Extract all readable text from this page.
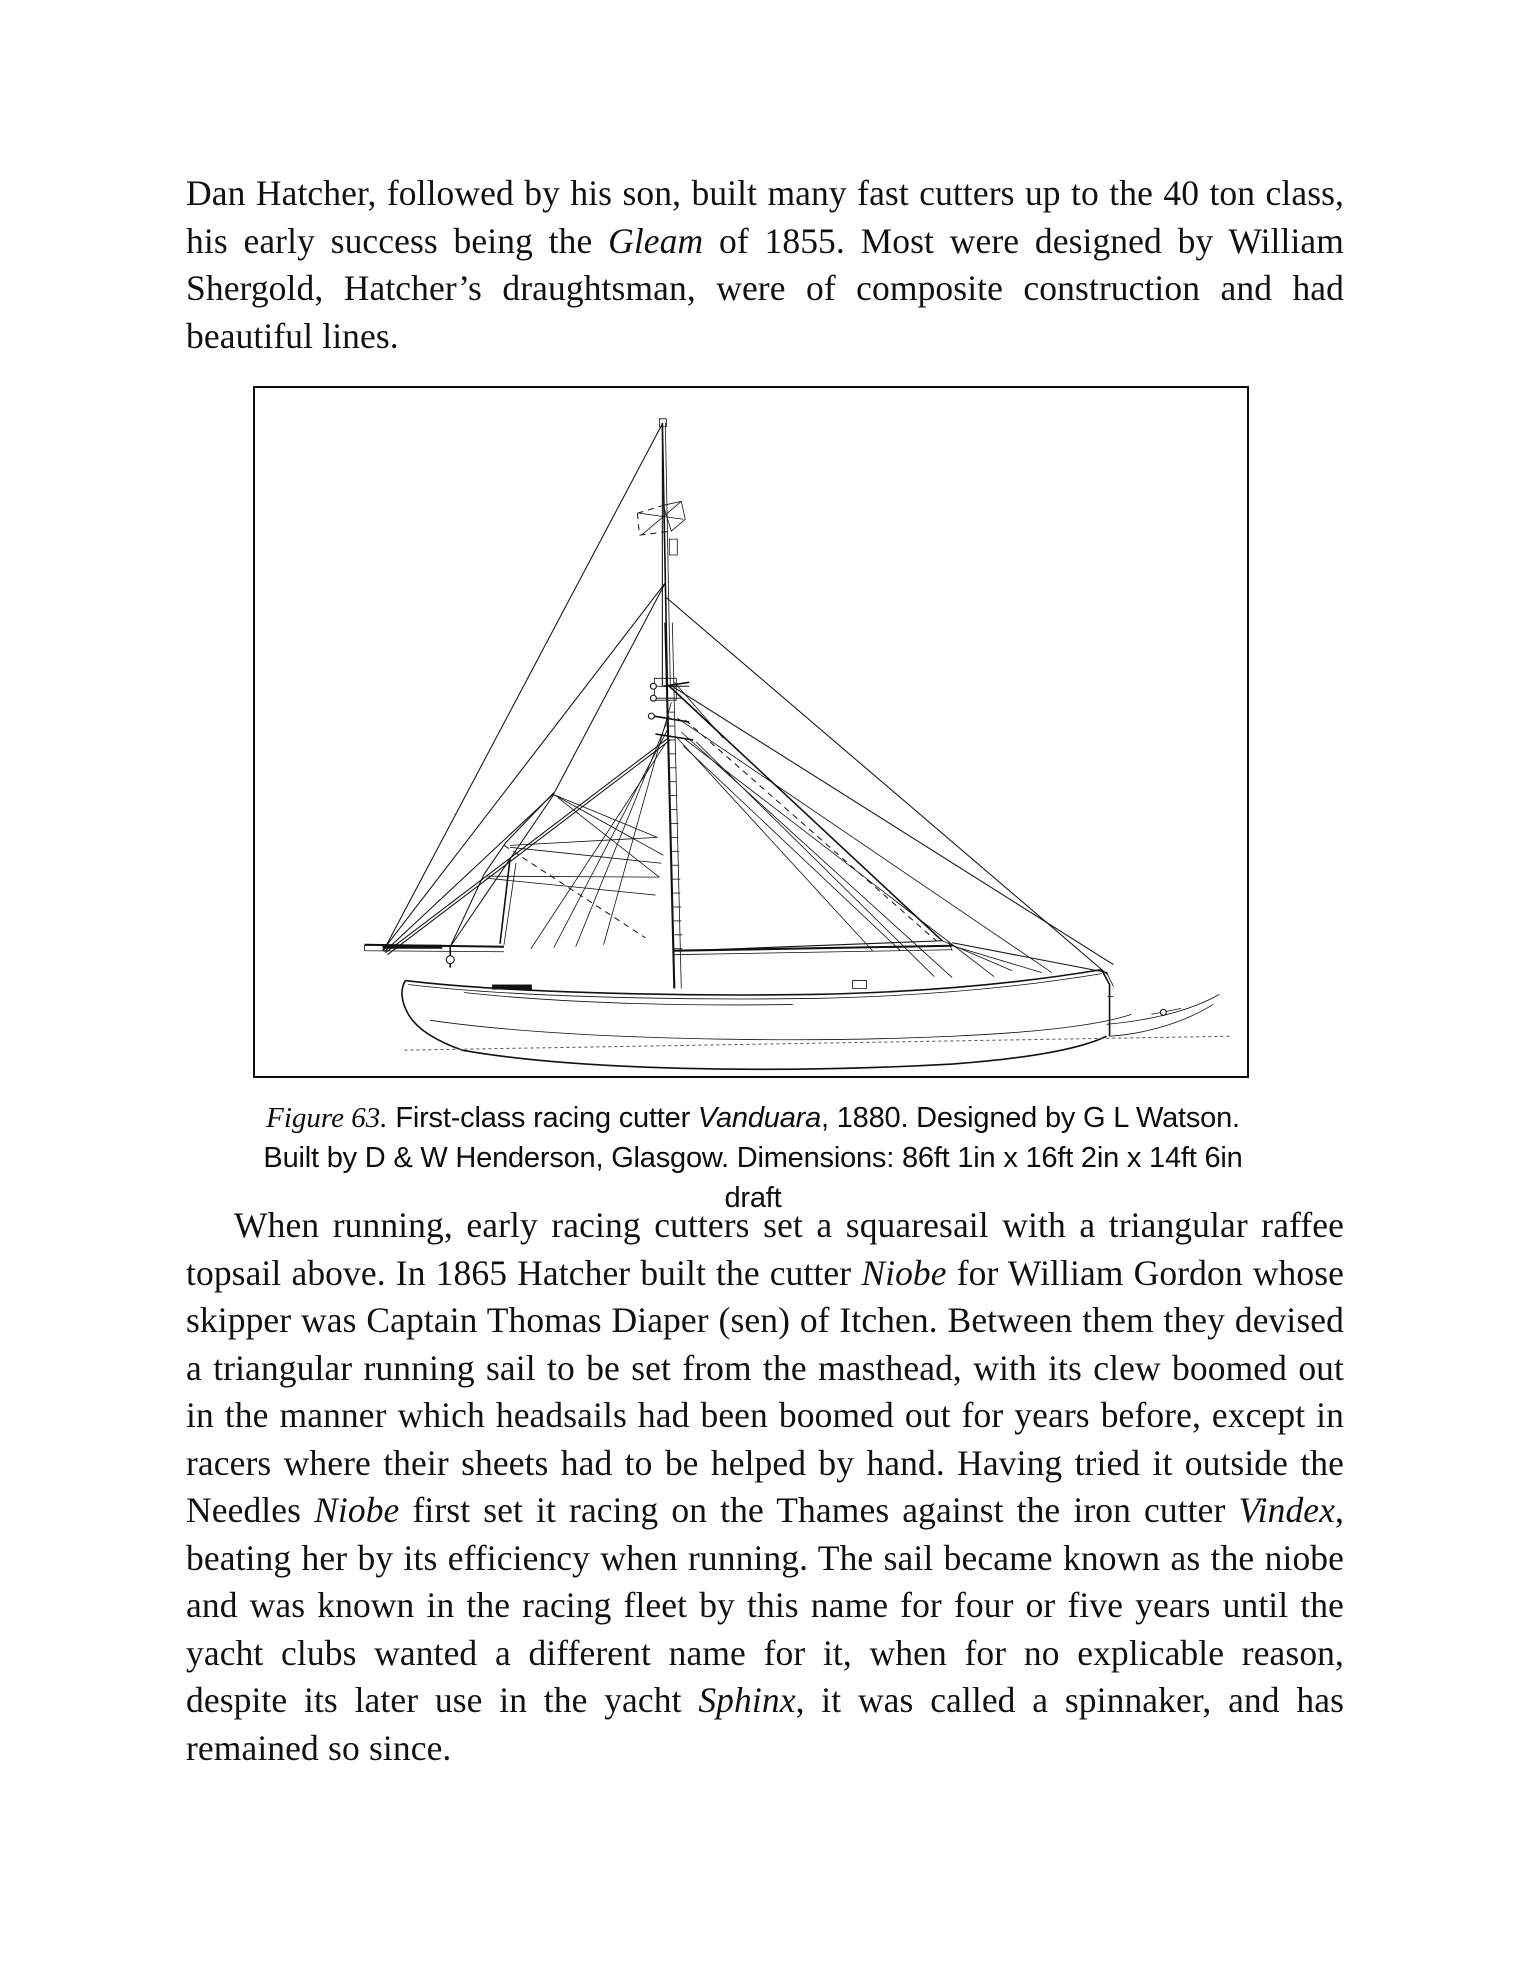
Dan Hatcher, followed by his son, built many fast cutters up to the 40 ton class, his early success being the Gleam of 1855. Most were designed by William Shergold, Hatcher’s draughtsman, were of composite construction and had beautiful lines.

Figure 63. First-class racing cutter Vanduara, 1880. Designed by G L Watson. Built by D & W Henderson, Glasgow. Dimensions: 86ft 1in x 16ft 2in x 14ft 6in draft

When running, early racing cutters set a squaresail with a triangular raffee topsail above. In 1865 Hatcher built the cutter Niobe for William Gordon whose skipper was Captain Thomas Diaper (sen) of Itchen. Between them they devised a triangular running sail to be set from the masthead, with its clew boomed out in the manner which headsails had been boomed out for years before, except in racers where their sheets had to be helped by hand. Having tried it outside the Needles Niobe first set it racing on the Thames against the iron cutter Vindex, beating her by its efficiency when running. The sail became known as the niobe and was known in the racing fleet by this name for four or five years until the yacht clubs wanted a different name for it, when for no explicable reason, despite its later use in the yacht Sphinx, it was called a spinnaker, and has remained so since.
